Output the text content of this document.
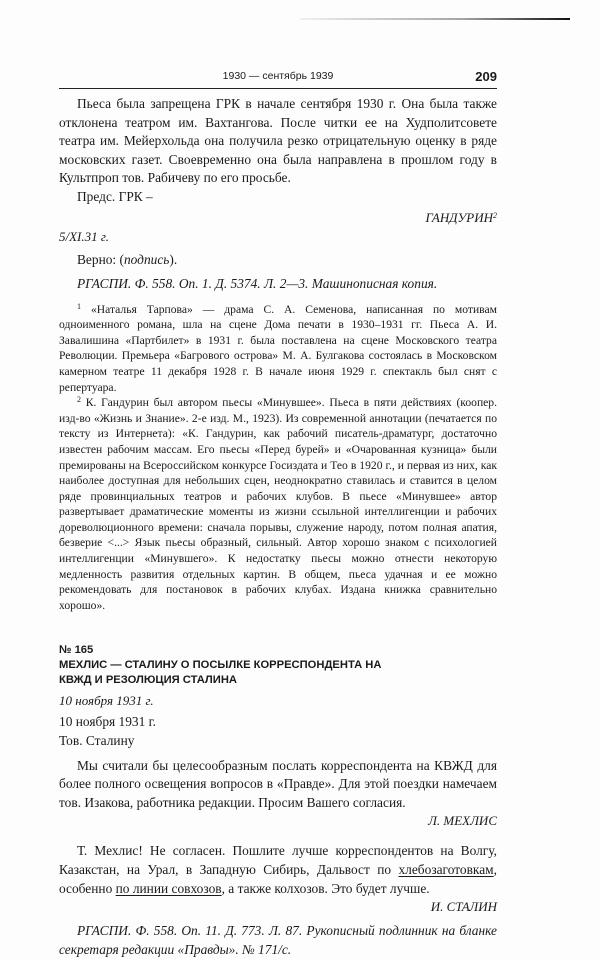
1930 — сентябрь 1939	209

Пьеса была запрещена ГРК в начале сентября 1930 г. Она была также отклонена театром им. Вахтангова. После читки ее на Худполитсовете театра им. Мейерхольда она получила резко отрицательную оценку в ряде московских газет. Своевременно она была направлена в прошлом году в Культпроп тов. Рабичеву по его просьбе.

Предс. ГРК –

ГАНДУРИН$^2$

5/XI.31 г.

Верно: (подпись).

РГАСПИ. Ф. 558. Оп. 1. Д. 5374. Л. 2—3. Машинописная копия.

$^1$ «Наталья Тарпова» — драма С. А. Семенова, написанная по мотивам одноименного романа, шла на сцене Дома печати в 1930–1931 гг. Пьеса А. И. Завалишина «Партбилет» в 1931 г. была поставлена на сцене Московского театра Революции. Премьера «Багрового острова» М. А. Булгакова состоялась в Московском камерном театре 11 декабря 1928 г. В начале июня 1929 г. спектакль был снят с репертуара.

$^2$ К. Гандурин был автором пьесы «Минувшее». Пьеса в пяти действиях (коопер. изд-во «Жизнь и Знание». 2-е изд. М., 1923). Из современной аннотации (печатается по тексту из Интернета): «К. Гандурин, как рабочий писатель-драматург, достаточно известен рабочим массам. Его пьесы «Перед бурей» и «Очарованная кузница» были премированы на Всероссийском конкурсе Госиздата и Тео в 1920 г., и первая из них, как наиболее доступная для небольших сцен, неоднократно ставилась и ставится в целом ряде провинциальных театров и рабочих клубов. В пьесе «Минувшее» автор развертывает драматические моменты из жизни ссыльной интеллигенции и рабочих дореволюционного времени: сначала порывы, служение народу, потом полная апатия, безверие <...> Язык пьесы образный, сильный. Автор хорошо знаком с психологией интеллигенции «Минувшего». К недостатку пьесы можно отнести некоторую медленность развития отдельных картин. В общем, пьеса удачная и ее можно рекомендовать для постановок в рабочих клубах. Издана книжка сравнительно хорошо».

№ 165
МЕХЛИС — СТАЛИНУ О ПОСЫЛКЕ КОРРЕСПОНДЕНТА НА КВЖД И РЕЗОЛЮЦИЯ СТАЛИНА

10 ноября 1931 г.

10 ноября 1931 г.

Тов. Сталину

Мы считали бы целесообразным послать корреспондента на КВЖД для более полного освещения вопросов в «Правде». Для этой поездки намечаем тов. Изакова, работника редакции. Просим Вашего согласия.

Л. МЕХЛИС

Т. Мехлис! Не согласен. Пошлите лучше корреспондентов на Волгу, Казакстан, на Урал, в Западную Сибирь, Дальвост по хлебозаготовкам, особенно по линии совхозов, а также колхозов. Это будет лучше.

И. СТАЛИН

РГАСПИ. Ф. 558. Оп. 11. Д. 773. Л. 87. Рукописный подлинник на бланке секретаря редакции «Правды». № 171/с.
